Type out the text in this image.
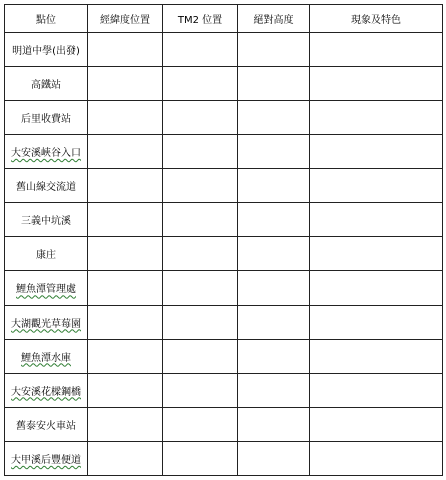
點位	經緯度位置	TM2 位置	絕對高度	現象及特色
明道中學(出發)				
高鐵站				
后里收費站				
大安溪峽谷入口				
舊山線交流道				
三義中坑溪				
康庄				
鯉魚潭管理處				
大湖觀光草莓園				
鯉魚潭水庫				
大安溪花樑鋼橋				
舊泰安火車站				
大甲溪后豐便道				
